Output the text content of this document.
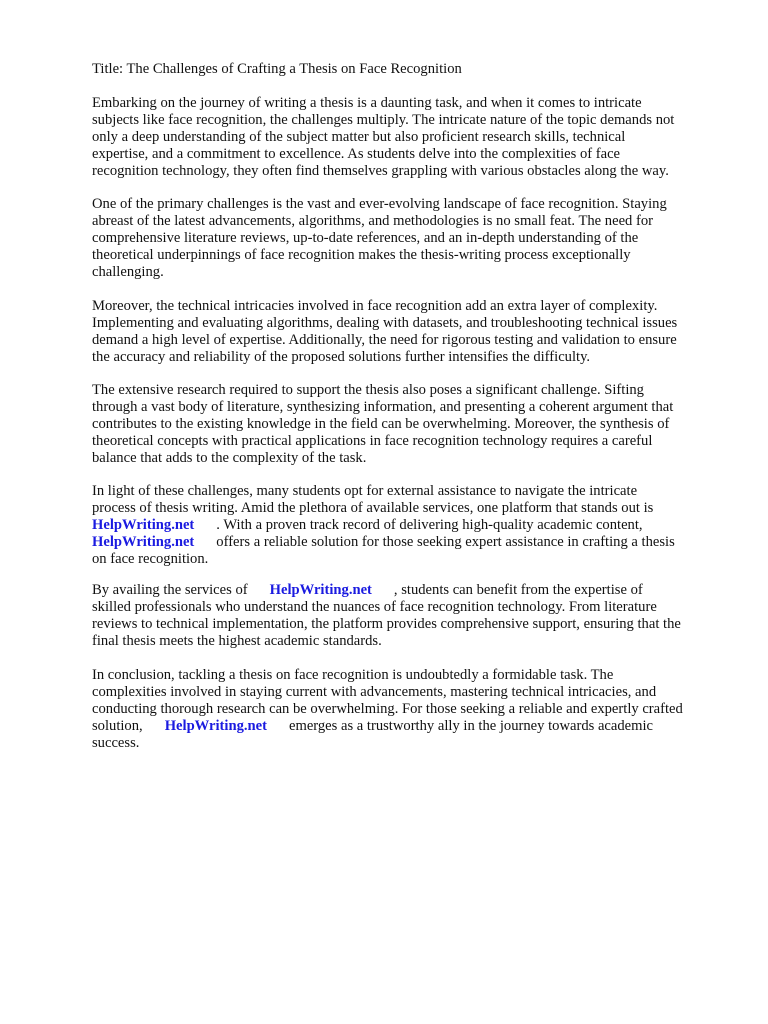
Title: The Challenges of Crafting a Thesis on Face Recognition
Embarking on the journey of writing a thesis is a daunting task, and when it comes to intricate
subjects like face recognition, the challenges multiply. The intricate nature of the topic demands not
only a deep understanding of the subject matter but also proficient research skills, technical
expertise, and a commitment to excellence. As students delve into the complexities of face
recognition technology, they often find themselves grappling with various obstacles along the way.
One of the primary challenges is the vast and ever-evolving landscape of face recognition. Staying
abreast of the latest advancements, algorithms, and methodologies is no small feat. The need for
comprehensive literature reviews, up-to-date references, and an in-depth understanding of the
theoretical underpinnings of face recognition makes the thesis-writing process exceptionally
challenging.
Moreover, the technical intricacies involved in face recognition add an extra layer of complexity.
Implementing and evaluating algorithms, dealing with datasets, and troubleshooting technical issues
demand a high level of expertise. Additionally, the need for rigorous testing and validation to ensure
the accuracy and reliability of the proposed solutions further intensifies the difficulty.
The extensive research required to support the thesis also poses a significant challenge. Sifting
through a vast body of literature, synthesizing information, and presenting a coherent argument that
contributes to the existing knowledge in the field can be overwhelming. Moreover, the synthesis of
theoretical concepts with practical applications in face recognition technology requires a careful
balance that adds to the complexity of the task.
In light of these challenges, many students opt for external assistance to navigate the intricate
process of thesis writing. Amid the plethora of available services, one platform that stands out is
HelpWriting.net . With a proven track record of delivering high-quality academic content,
HelpWriting.net offers a reliable solution for those seeking expert assistance in crafting a thesis
on face recognition.
By availing the services of HelpWriting.net , students can benefit from the expertise of
skilled professionals who understand the nuances of face recognition technology. From literature
reviews to technical implementation, the platform provides comprehensive support, ensuring that the
final thesis meets the highest academic standards.
In conclusion, tackling a thesis on face recognition is undoubtedly a formidable task. The
complexities involved in staying current with advancements, mastering technical intricacies, and
conducting thorough research can be overwhelming. For those seeking a reliable and expertly crafted
solution, HelpWriting.net emerges as a trustworthy ally in the journey towards academic
success.
